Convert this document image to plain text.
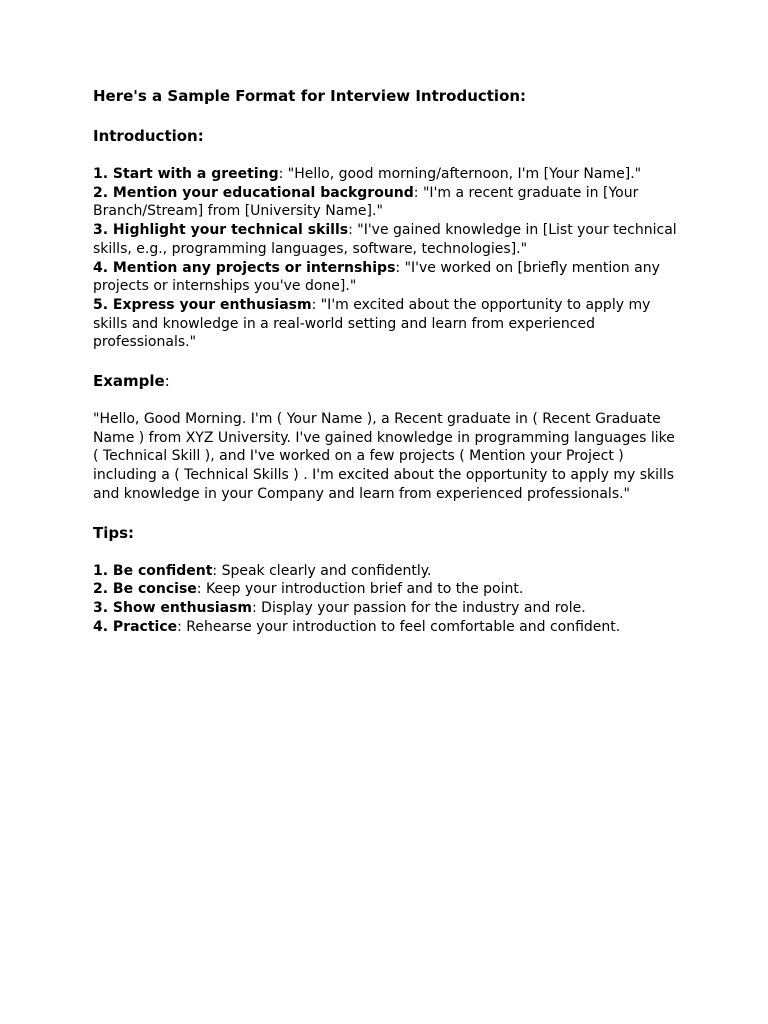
Here's a Sample Format for Interview Introduction:

Introduction:

1. Start with a greeting: "Hello, good morning/afternoon, I'm [Your Name]."

2. Mention your educational background: "I'm a recent graduate in [Your Branch/Stream] from [University Name]."

3. Highlight your technical skills: "I've gained knowledge in [List your technical skills, e.g., programming languages, software, technologies]."

4. Mention any projects or internships: "I've worked on [briefly mention any projects or internships you've done]."

5. Express your enthusiasm: "I'm excited about the opportunity to apply my skills and knowledge in a real-world setting and learn from experienced professionals."

Example:

"Hello, Good Morning. I'm ( Your Name ), a Recent graduate in ( Recent Graduate Name ) from XYZ University. I've gained knowledge in programming languages like ( Technical Skill ), and I've worked on a few projects ( Mention your Project ) including a ( Technical Skills ) . I'm excited about the opportunity to apply my skills and knowledge in your Company and learn from experienced professionals."

Tips:

1. Be confident: Speak clearly and confidently.

2. Be concise: Keep your introduction brief and to the point.

3. Show enthusiasm: Display your passion for the industry and role.

4. Practice: Rehearse your introduction to feel comfortable and confident.
